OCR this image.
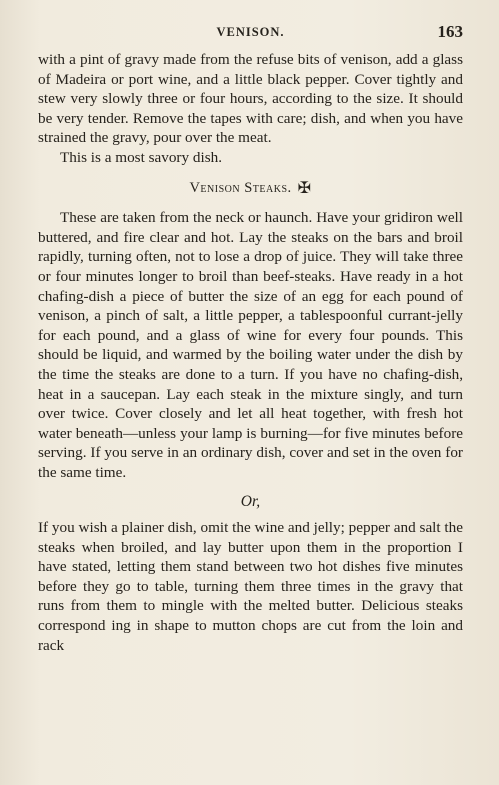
VENISON.	163

with a pint of gravy made from the refuse bits of venison, add a glass of Madeira or port wine, and a little black pepper. Cover tightly and stew very slowly three or four hours, according to the size. It should be very tender. Remove the tapes with care; dish, and when you have strained the gravy, pour over the meat.

This is a most savory dish.

Venison Steaks. ✠

These are taken from the neck or haunch. Have your gridiron well buttered, and fire clear and hot. Lay the steaks on the bars and broil rapidly, turning often, not to lose a drop of juice. They will take three or four minutes longer to broil than beef-steaks. Have ready in a hot chafing-dish a piece of butter the size of an egg for each pound of venison, a pinch of salt, a little pepper, a tablespoonful currant-jelly for each pound, and a glass of wine for every four pounds. This should be liquid, and warmed by the boiling water under the dish by the time the steaks are done to a turn. If you have no chafing-dish, heat in a saucepan. Lay each steak in the mixture singly, and turn over twice. Cover closely and let all heat together, with fresh hot water beneath—unless your lamp is burning—for five minutes before serving. If you serve in an ordinary dish, cover and set in the oven for the same time.

Or,

If you wish a plainer dish, omit the wine and jelly; pepper and salt the steaks when broiled, and lay butter upon them in the proportion I have stated, letting them stand between two hot dishes five minutes before they go to table, turning them three times in the gravy that runs from them to mingle with the melted butter. Delicious steaks correspond ing in shape to mutton chops are cut from the loin and rack
